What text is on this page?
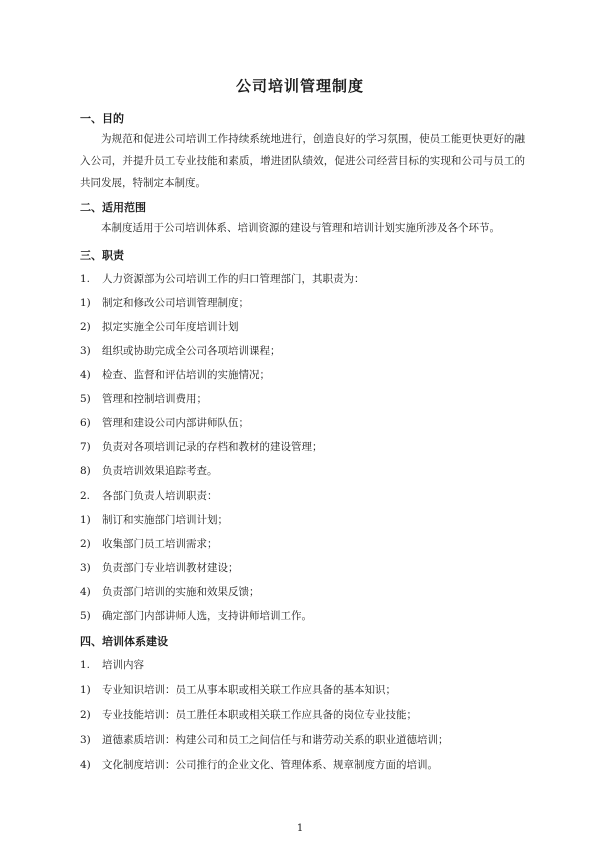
公司培训管理制度
一、目的

为规范和促进公司培训工作持续系统地进行，创造良好的学习氛围，使员工能更快更好的融入公司，并提升员工专业技能和素质，增进团队绩效，促进公司经营目标的实现和公司与员工的共同发展，特制定本制度。

二、适用范围

本制度适用于公司培训体系、培训资源的建设与管理和培训计划实施所涉及各个环节。

三、职责

1. 人力资源部为公司培训工作的归口管理部门，其职责为：

1) 制定和修改公司培训管理制度；

2) 拟定实施全公司年度培训计划

3) 组织或协助完成全公司各项培训课程；

4) 检查、监督和评估培训的实施情况；

5) 管理和控制培训费用；

6) 管理和建设公司内部讲师队伍；

7) 负责对各项培训记录的存档和教材的建设管理；

8) 负责培训效果追踪考查。

2. 各部门负责人培训职责：

1) 制订和实施部门培训计划；

2) 收集部门员工培训需求；

3) 负责部门专业培训教材建设；

4) 负责部门培训的实施和效果反馈；

5) 确定部门内部讲师人选，支持讲师培训工作。

四、培训体系建设

1. 培训内容

1) 专业知识培训：员工从事本职或相关联工作应具备的基本知识；

2) 专业技能培训：员工胜任本职或相关联工作应具备的岗位专业技能；

3) 道德素质培训：构建公司和员工之间信任与和谐劳动关系的职业道德培训；

4) 文化制度培训：公司推行的企业文化、管理体系、规章制度方面的培训。

1
